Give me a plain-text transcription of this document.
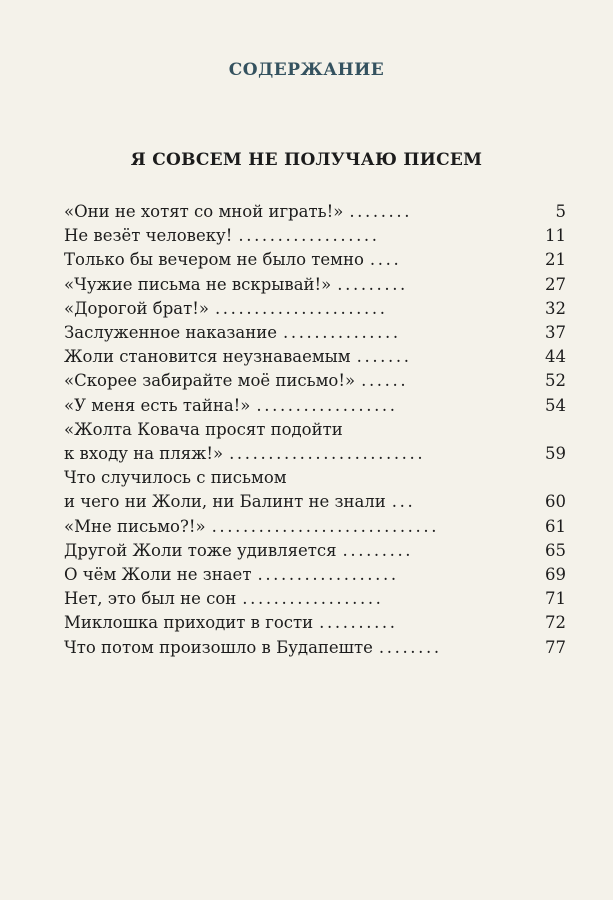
СОДЕРЖАНИЕ
Я СОВСЕМ НЕ ПОЛУЧАЮ ПИСЕМ
«Они не хотят со мной играть!» ........	5
Не везёт человеку! ..................	11
Только бы вечером не было темно ....	21
«Чужие письма не вскрывай!» .........	27
«Дорогой брат!» ......................	32
Заслуженное наказание ...............	37
Жоли становится неузнаваемым .......	44
«Скорее забирайте моё письмо!» ......	52
«У меня есть тайна!» ..................	54
«Жолта Ковача просят подойти
к входу на пляж!» .........................	59
Что случилось с письмом
и чего ни Жоли, ни Балинт не знали ...	60
«Мне письмо?!» .............................	61
Другой Жоли тоже удивляется .........	65
О чём Жоли не знает ..................	69
Нет, это был не сон ..................	71
Миклошка приходит в гости ..........	72
Что потом произошло в Будапеште ........	77
